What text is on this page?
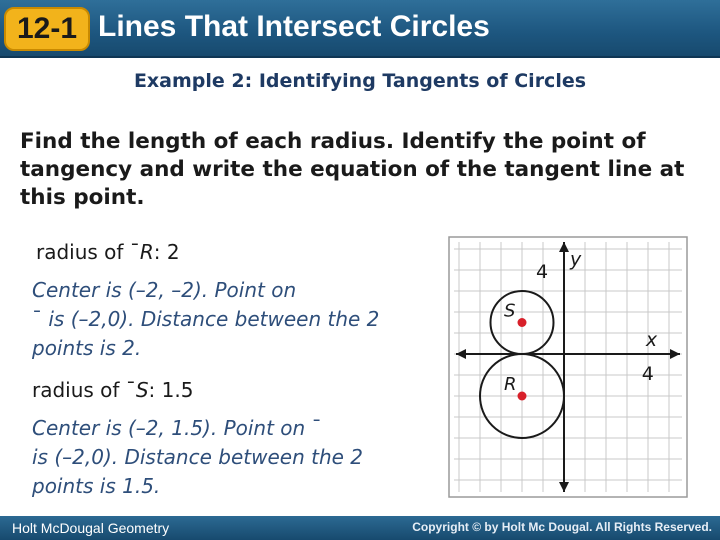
12-1 Lines That Intersect Circles
Example 2: Identifying Tangents of Circles
Find the length of each radius. Identify the point of tangency and write the equation of the tangent line at this point.
radius of ˉR: 2
Center is (–2, –2). Point on
ˉ is (–2,0). Distance between the 2 points is 2.
radius of ˉS: 1.5
Center is (–2, 1.5). Point on ˉ
is (–2,0). Distance between the 2 points is 1.5.
4
y
x
4
S
R
Holt McDougal Geometry	Copyright © by Holt Mc Dougal. All Rights Reserved.
